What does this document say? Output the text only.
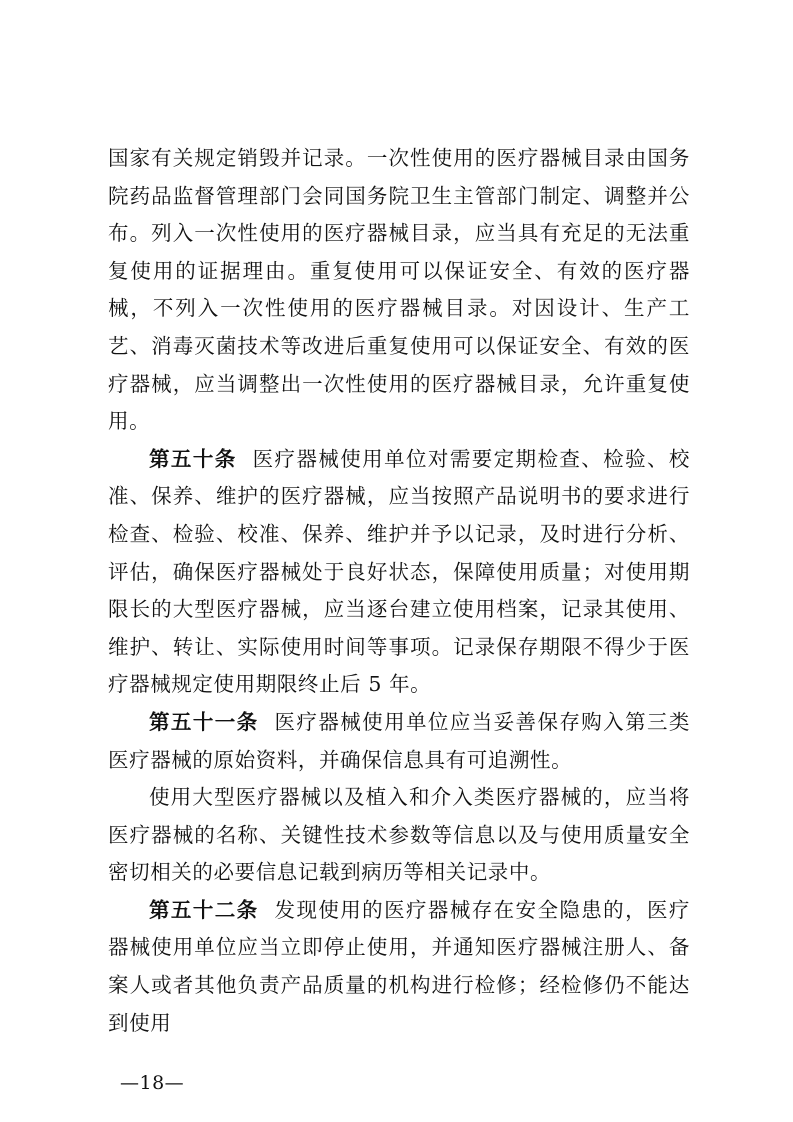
国家有关规定销毁并记录。一次性使用的医疗器械目录由国务院药品监督管理部门会同国务院卫生主管部门制定、调整并公布。列入一次性使用的医疗器械目录，应当具有充足的无法重复使用的证据理由。重复使用可以保证安全、有效的医疗器械，不列入一次性使用的医疗器械目录。对因设计、生产工艺、消毒灭菌技术等改进后重复使用可以保证安全、有效的医疗器械，应当调整出一次性使用的医疗器械目录，允许重复使用。

第五十条 医疗器械使用单位对需要定期检查、检验、校准、保养、维护的医疗器械，应当按照产品说明书的要求进行检查、检验、校准、保养、维护并予以记录，及时进行分析、评估，确保医疗器械处于良好状态，保障使用质量；对使用期限长的大型医疗器械，应当逐台建立使用档案，记录其使用、维护、转让、实际使用时间等事项。记录保存期限不得少于医疗器械规定使用期限终止后 5 年。

第五十一条 医疗器械使用单位应当妥善保存购入第三类医疗器械的原始资料，并确保信息具有可追溯性。

使用大型医疗器械以及植入和介入类医疗器械的，应当将医疗器械的名称、关键性技术参数等信息以及与使用质量安全密切相关的必要信息记载到病历等相关记录中。

第五十二条 发现使用的医疗器械存在安全隐患的，医疗器械使用单位应当立即停止使用，并通知医疗器械注册人、备案人或者其他负责产品质量的机构进行检修；经检修仍不能达到使用

—18—
